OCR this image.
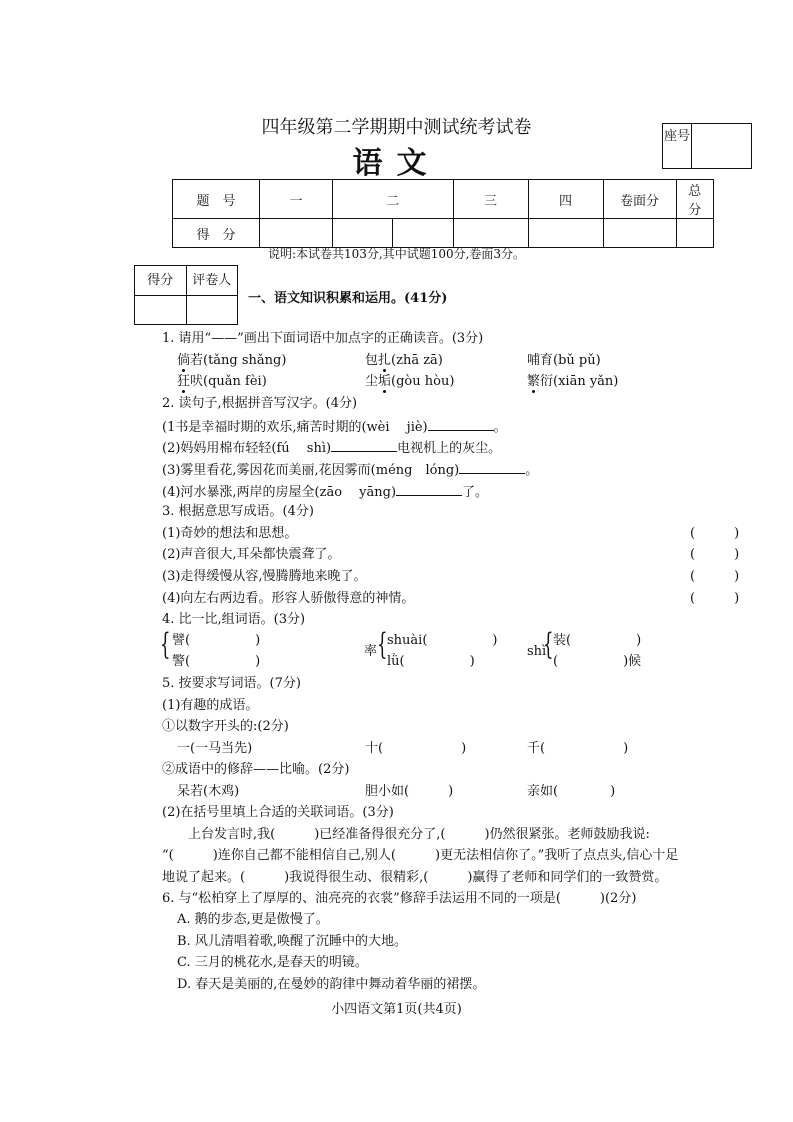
四年级第二学期期中测试统考试卷
语文
座号
题　号	一	二		三	四	卷面分	总　分
得　分							
说明:本试卷共103分,其中试题100分,卷面3分。
得分	评卷人
一、语文知识积累和运用。(41分)
1. 请用“——”画出下面词语中加点字的正确读音。(3分)
倘若(tǎng shǎng)	包扎(zhā zā)	哺育(bǔ pǔ)
狂吠(quǎn fèi)	尘垢(gòu hòu)	繁衍(xiān yǎn)
2. 读句子,根据拼音写汉字。(4分)
(1书是幸福时期的欢乐,痛苦时期的(wèi　 jiè)	。
(2)妈妈用棉布轻轻(fú　 shì)	电视机上的灰尘。
(3)雾里看花,雾因花而美丽,花因雾而(méng　lóng)	。
(4)河水暴涨,两岸的房屋全(zāo　 yāng)	了。
3. 根据意思写成语。(4分)
(1)奇妙的想法和思想。	(　　　)
(2)声音很大,耳朵都快震聋了。	(　　　)
(3)走得缓慢从容,慢腾腾地来晚了。	(　　　)
(4)向左右两边看。形容人骄傲得意的神情。	(　　　)
4. 比一比,组词语。(3分)
{ 譬(　　　　　)
警(　　　　　)
率 { shuài(　　　　　)
lǜ(　　　　　)
shì
{ 装(　　　　　)
(　　　　　)候
5. 按要求写词语。(7分)
(1)有趣的成语。
①以数字开头的:(2分)
一(一马当先)	十(　　　　　　)	千(　　　　　　)
②成语中的修辞——比喻。(2分)
呆若(木鸡)	胆小如(　　　)	亲如(　　　　)
(2)在括号里填上合适的关联词语。(3分)
　　上台发言时,我(　　　)已经准备得很充分了,(　　　)仍然很紧张。老师鼓励我说:
“(　　　)连你自己都不能相信自己,别人(　　　)更无法相信你了。”我听了点点头,信心十足
地说了起来。(　　　)我说得很生动、很精彩,(　　　)赢得了老师和同学们的一致赞赏。
6. 与“松柏穿上了厚厚的、油亮亮的衣裳”修辞手法运用不同的一项是(　　　)(2分)
A. 鹅的步态,更是傲慢了。
B. 风儿清唱着歌,唤醒了沉睡中的大地。
C. 三月的桃花水,是春天的明镜。
D. 春天是美丽的,在曼妙的韵律中舞动着华丽的裙摆。
小四语文第1页(共4页)
